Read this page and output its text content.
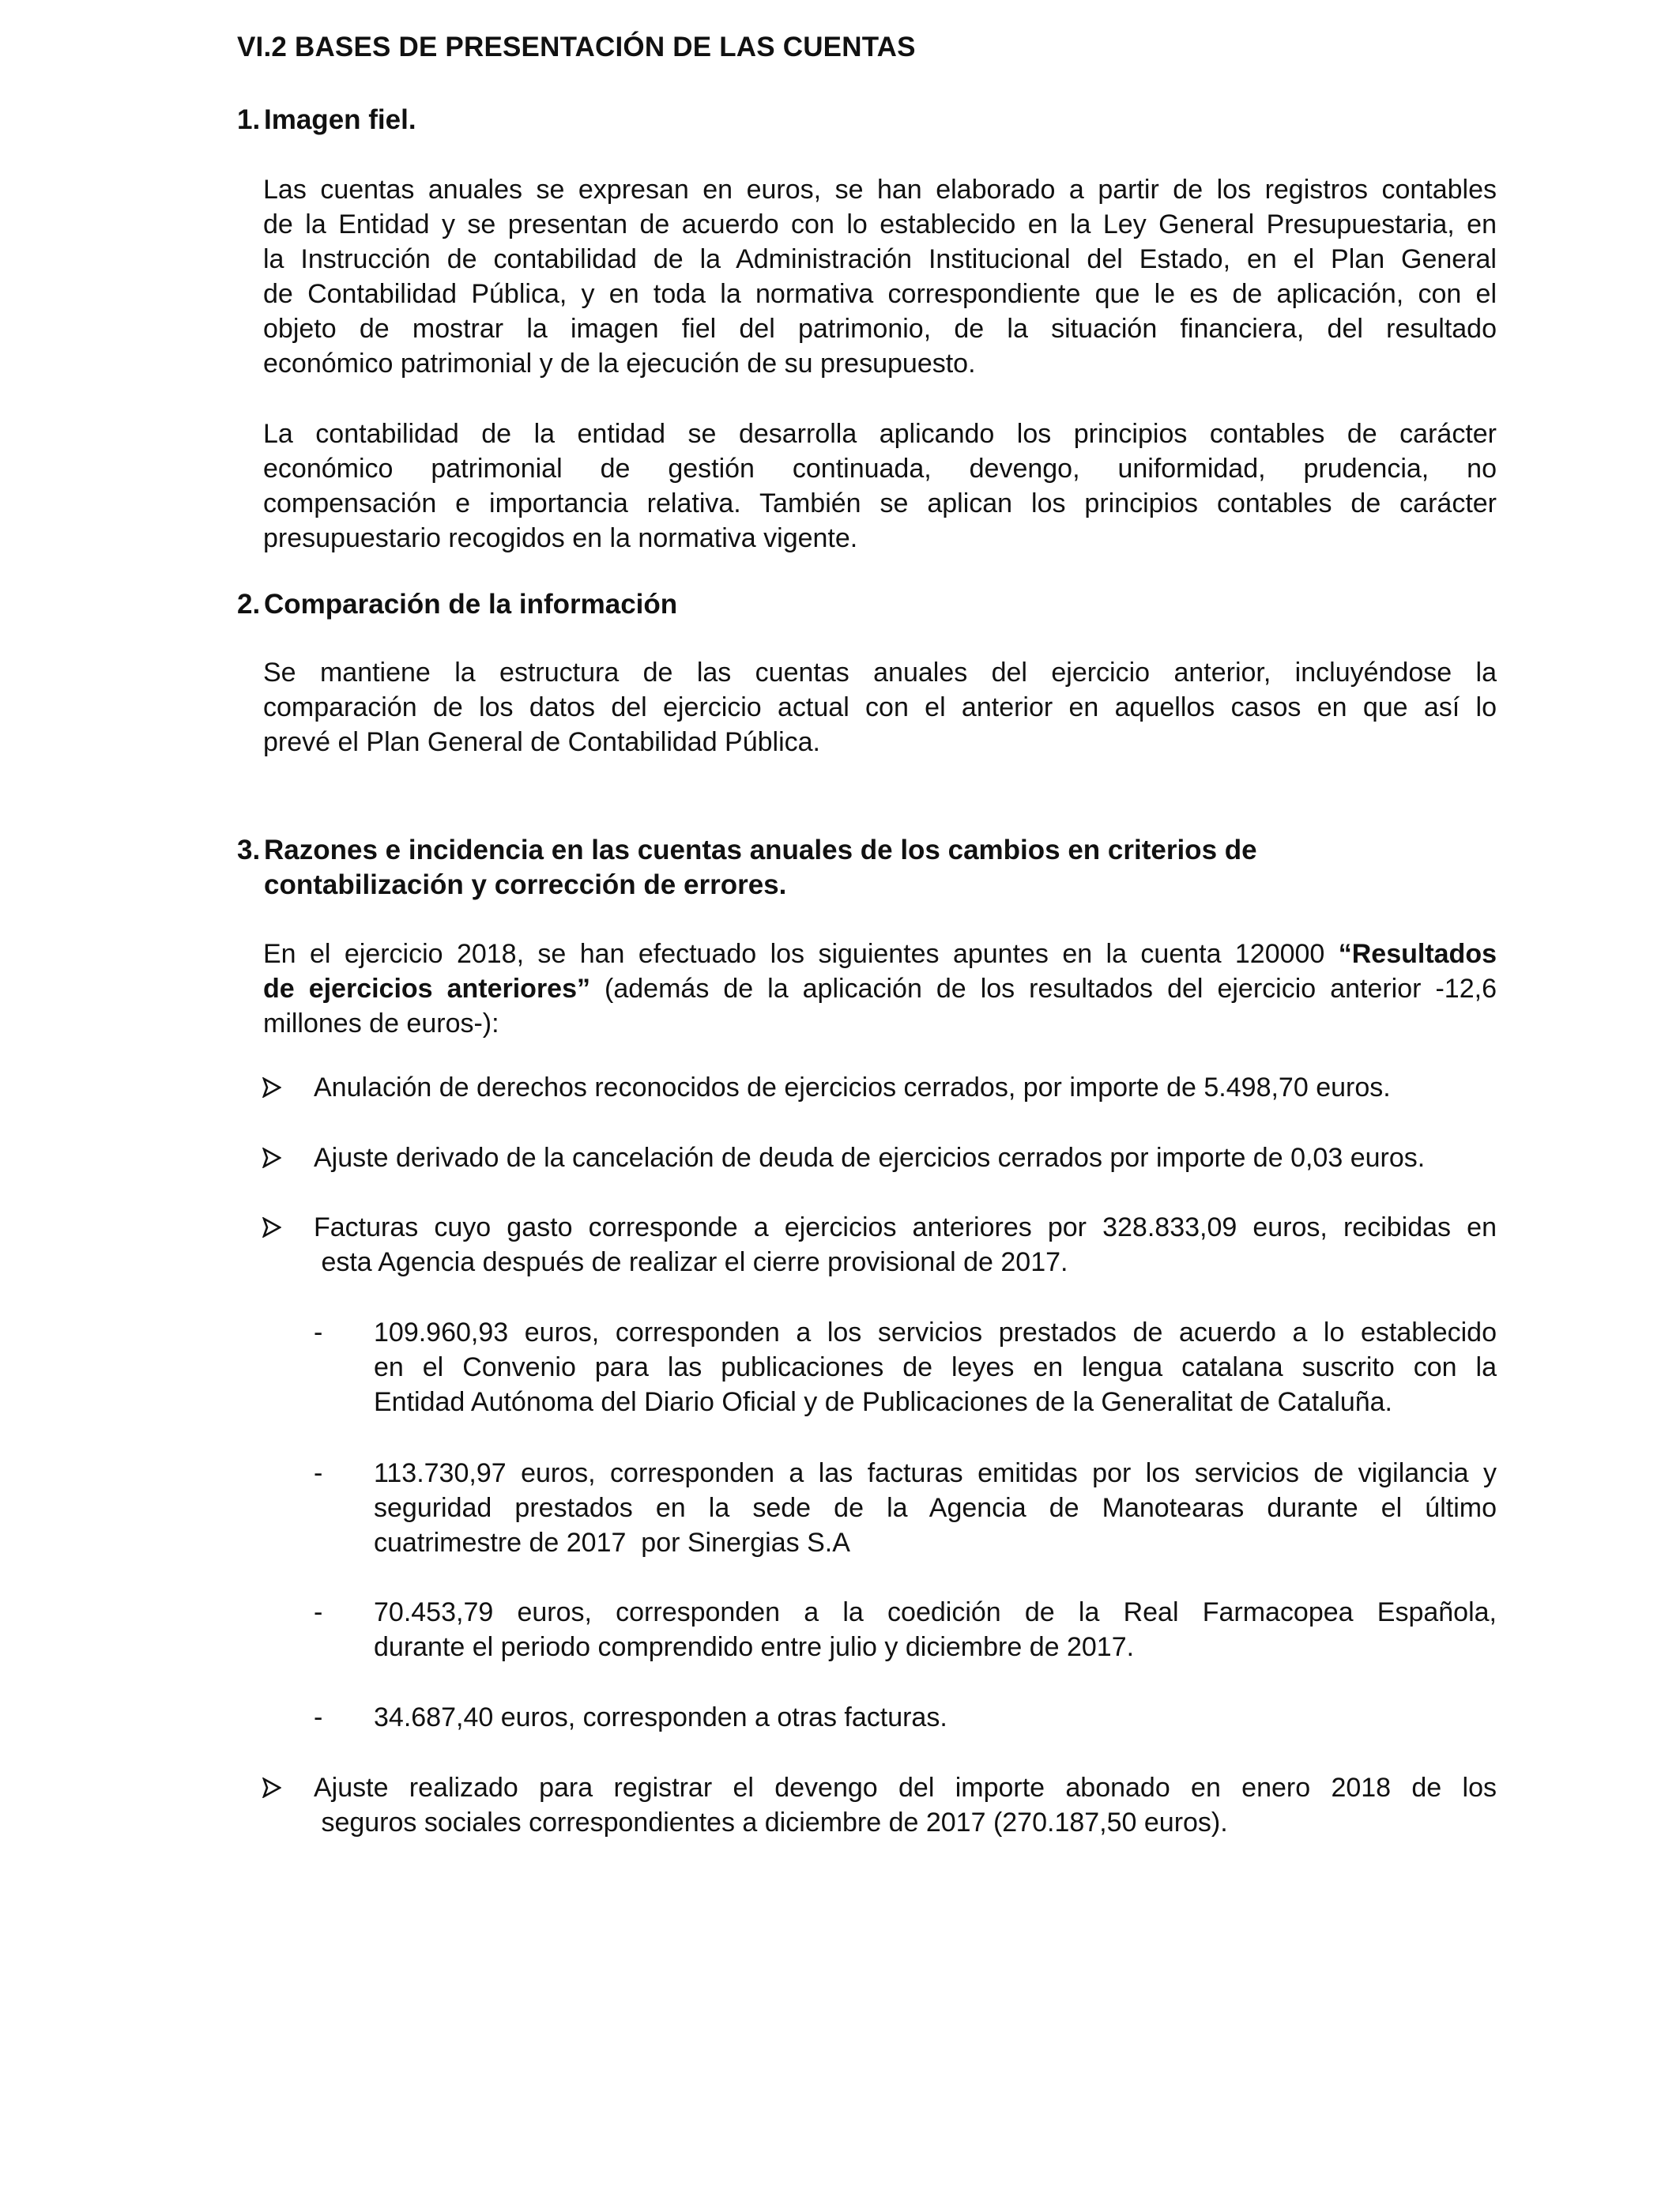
VI.2 BASES DE PRESENTACIÓN DE LAS CUENTAS
1. Imagen fiel.
Las cuentas anuales se expresan en euros, se han elaborado a partir de los registros contables
de la Entidad y se presentan de acuerdo con lo establecido en la Ley General Presupuestaria, en
la Instrucción de contabilidad de la Administración Institucional del Estado, en el Plan General
de Contabilidad Pública, y en toda la normativa correspondiente que le es de aplicación, con el
objeto de mostrar la imagen fiel del patrimonio, de la situación financiera, del resultado
económico patrimonial y de la ejecución de su presupuesto.
La contabilidad de la entidad se desarrolla aplicando los principios contables de carácter
económico patrimonial de gestión continuada, devengo, uniformidad, prudencia, no
compensación e importancia relativa. También se aplican los principios contables de carácter
presupuestario recogidos en la normativa vigente.
2. Comparación de la información
Se mantiene la estructura de las cuentas anuales del ejercicio anterior, incluyéndose la
comparación de los datos del ejercicio actual con el anterior en aquellos casos en que así lo
prevé el Plan General de Contabilidad Pública.
3. Razones e incidencia en las cuentas anuales de los cambios en criterios de
contabilización y corrección de errores.
En el ejercicio 2018, se han efectuado los siguientes apuntes en la cuenta 120000 “Resultados
de ejercicios anteriores” (además de la aplicación de los resultados del ejercicio anterior -12,6
millones de euros-):
Anulación de derechos reconocidos de ejercicios cerrados, por importe de 5.498,70 euros.
Ajuste derivado de la cancelación de deuda de ejercicios cerrados por importe de 0,03 euros.
Facturas cuyo gasto corresponde a ejercicios anteriores por 328.833,09 euros, recibidas en
esta Agencia después de realizar el cierre provisional de 2017.
- 109.960,93 euros, corresponden a los servicios prestados de acuerdo a lo establecido
en el Convenio para las publicaciones de leyes en lengua catalana suscrito con la
Entidad Autónoma del Diario Oficial y de Publicaciones de la Generalitat de Cataluña.
- 113.730,97 euros, corresponden a las facturas emitidas por los servicios de vigilancia y
seguridad prestados en la sede de la Agencia de Manotearas durante el último
cuatrimestre de 2017  por Sinergias S.A
- 70.453,79 euros, corresponden a la coedición de la Real Farmacopea Española,
durante el periodo comprendido entre julio y diciembre de 2017.
- 34.687,40 euros, corresponden a otras facturas.
Ajuste realizado para registrar el devengo del importe abonado en enero 2018 de los
seguros sociales correspondientes a diciembre de 2017 (270.187,50 euros).
